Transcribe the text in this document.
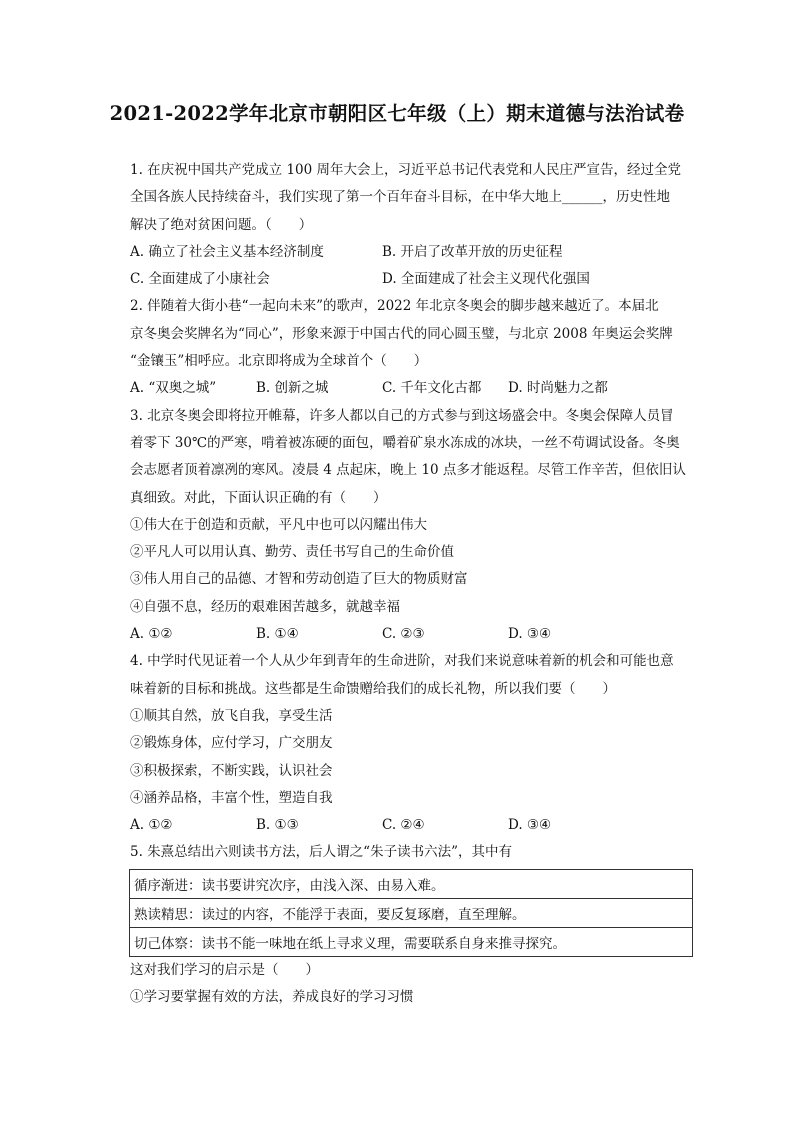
2021-2022学年北京市朝阳区七年级（上）期末道德与法治试卷
1. 在庆祝中国共产党成立 100 周年大会上，习近平总书记代表党和人民庄严宣告，经过全党
全国各族人民持续奋斗，我们实现了第一个百年奋斗目标，在中华大地上______，历史性地
解决了绝对贫困问题。（　　）
A. 确立了社会主义基本经济制度	B. 开启了改革开放的历史征程
C. 全面建成了小康社会	D. 全面建成了社会主义现代化强国
2. 伴随着大街小巷“一起向未来”的歌声，2022 年北京冬奥会的脚步越来越近了。本届北
京冬奥会奖牌名为“同心”，形象来源于中国古代的同心圆玉璧，与北京 2008 年奥运会奖牌
“金镶玉”相呼应。北京即将成为全球首个（　　）
A. “双奥之城”	B. 创新之城	C. 千年文化古都	D. 时尚魅力之都
3. 北京冬奥会即将拉开帷幕，许多人都以自己的方式参与到这场盛会中。冬奥会保障人员冒
着零下 30℃的严寒，啃着被冻硬的面包，嚼着矿泉水冻成的冰块，一丝不苟调试设备。冬奥
会志愿者顶着凛冽的寒风。凌晨 4 点起床，晚上 10 点多才能返程。尽管工作辛苦，但依旧认
真细致。对此，下面认识正确的有（　　）
①伟大在于创造和贡献，平凡中也可以闪耀出伟大
②平凡人可以用认真、勤劳、责任书写自己的生命价值
③伟人用自己的品德、才智和劳动创造了巨大的物质财富
④自强不息，经历的艰难困苦越多，就越幸福
A. ①②	B. ①④	C. ②③	D. ③④
4. 中学时代见证着一个人从少年到青年的生命进阶，对我们来说意味着新的机会和可能也意
味着新的目标和挑战。这些都是生命馈赠给我们的成长礼物，所以我们要（　　）
①顺其自然，放飞自我，享受生活
②锻炼身体，应付学习，广交朋友
③积极探索，不断实践，认识社会
④涵养品格，丰富个性，塑造自我
A. ①②	B. ①③	C. ②④	D. ③④
5. 朱熹总结出六则读书方法，后人谓之“朱子读书六法”，其中有
循序渐进：读书要讲究次序，由浅入深、由易入难。
熟读精思：读过的内容，不能浮于表面，要反复琢磨，直至理解。
切己体察：读书不能一味地在纸上寻求义理，需要联系自身来推寻探究。
这对我们学习的启示是（　　）
①学习要掌握有效的方法，养成良好的学习习惯
